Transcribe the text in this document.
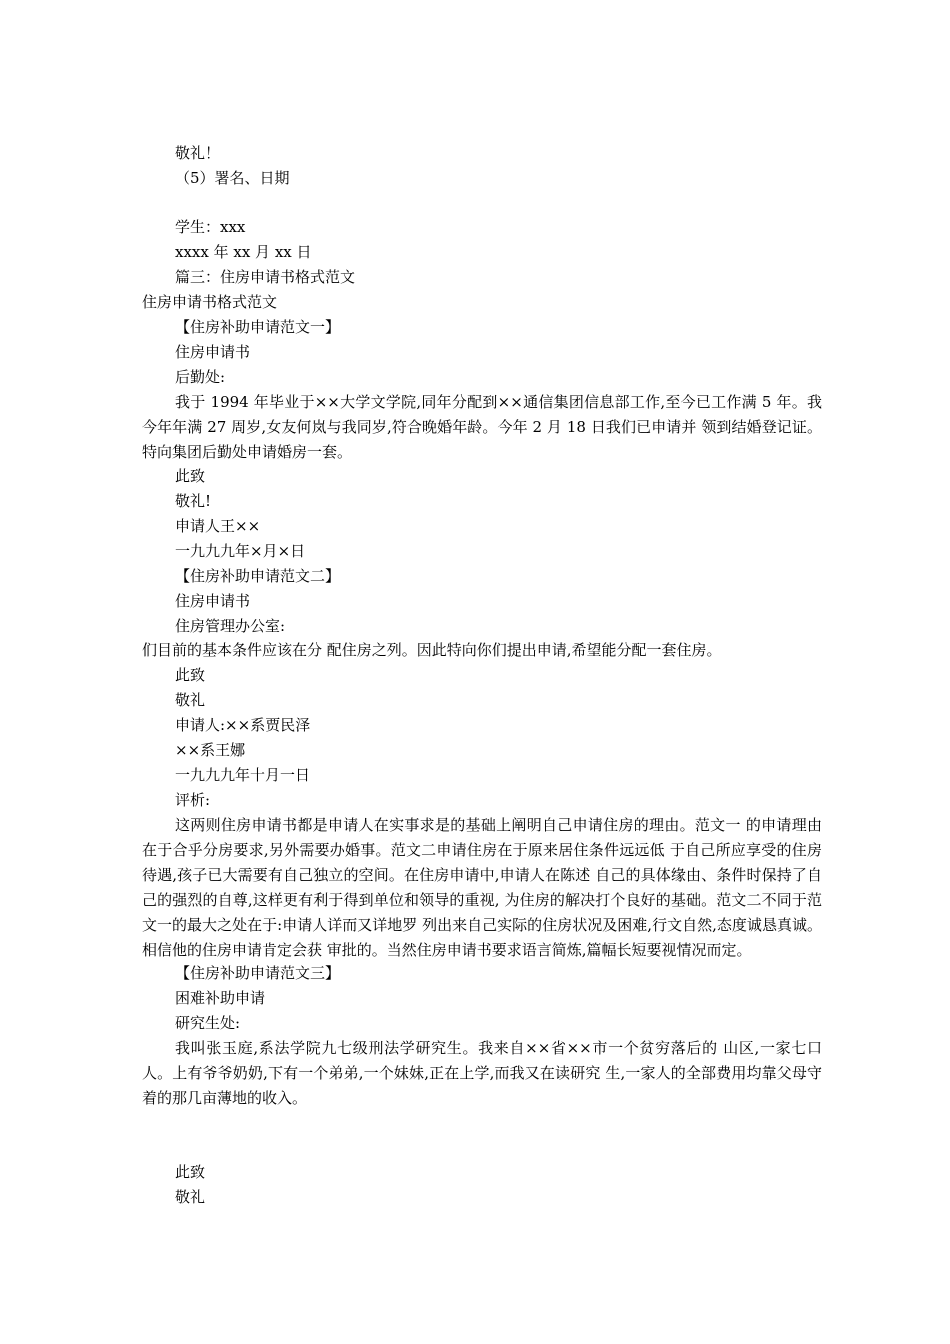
敬礼！
（5）署名、日期
学生：xxx
xxxx 年 xx 月 xx 日
篇三：住房申请书格式范文
住房申请书格式范文
【住房补助申请范文一】
住房申请书
后勤处:
我于 1994 年毕业于××大学文学院,同年分配到××通信集团信息部工作,至今已工作满 5 年。我今年年满 27 周岁,女友何岚与我同岁,符合晚婚年龄。今年 2 月 18 日我们已申请并 领到结婚登记证。特向集团后勤处申请婚房一套。
此致
敬礼!
申请人王××
一九九九年×月×日
【住房补助申请范文二】
住房申请书
住房管理办公室:
们目前的基本条件应该在分 配住房之列。因此特向你们提出申请,希望能分配一套住房。
此致
敬礼
申请人:××系贾民泽
××系王娜
一九九九年十月一日
评析:
这两则住房申请书都是申请人在实事求是的基础上阐明自己申请住房的理由。范文一 的申请理由在于合乎分房要求,另外需要办婚事。范文二申请住房在于原来居住条件远远低 于自己所应享受的住房待遇,孩子已大需要有自己独立的空间。在住房申请中,申请人在陈述 自己的具体缘由、条件时保持了自己的强烈的自尊,这样更有利于得到单位和领导的重视, 为住房的解决打个良好的基础。范文二不同于范文一的最大之处在于:申请人详而又详地罗 列出来自己实际的住房状况及困难,行文自然,态度诚恳真诚。相信他的住房申请肯定会获 审批的。当然住房申请书要求语言简炼,篇幅长短要视情况而定。
【住房补助申请范文三】
困难补助申请
研究生处:
我叫张玉庭,系法学院九七级刑法学研究生。我来自××省××市一个贫穷落后的 山区,一家七口人。上有爷爷奶奶,下有一个弟弟,一个妹妹,正在上学,而我又在读研究 生,一家人的全部费用均靠父母守着的那几亩薄地的收入。
此致
敬礼
